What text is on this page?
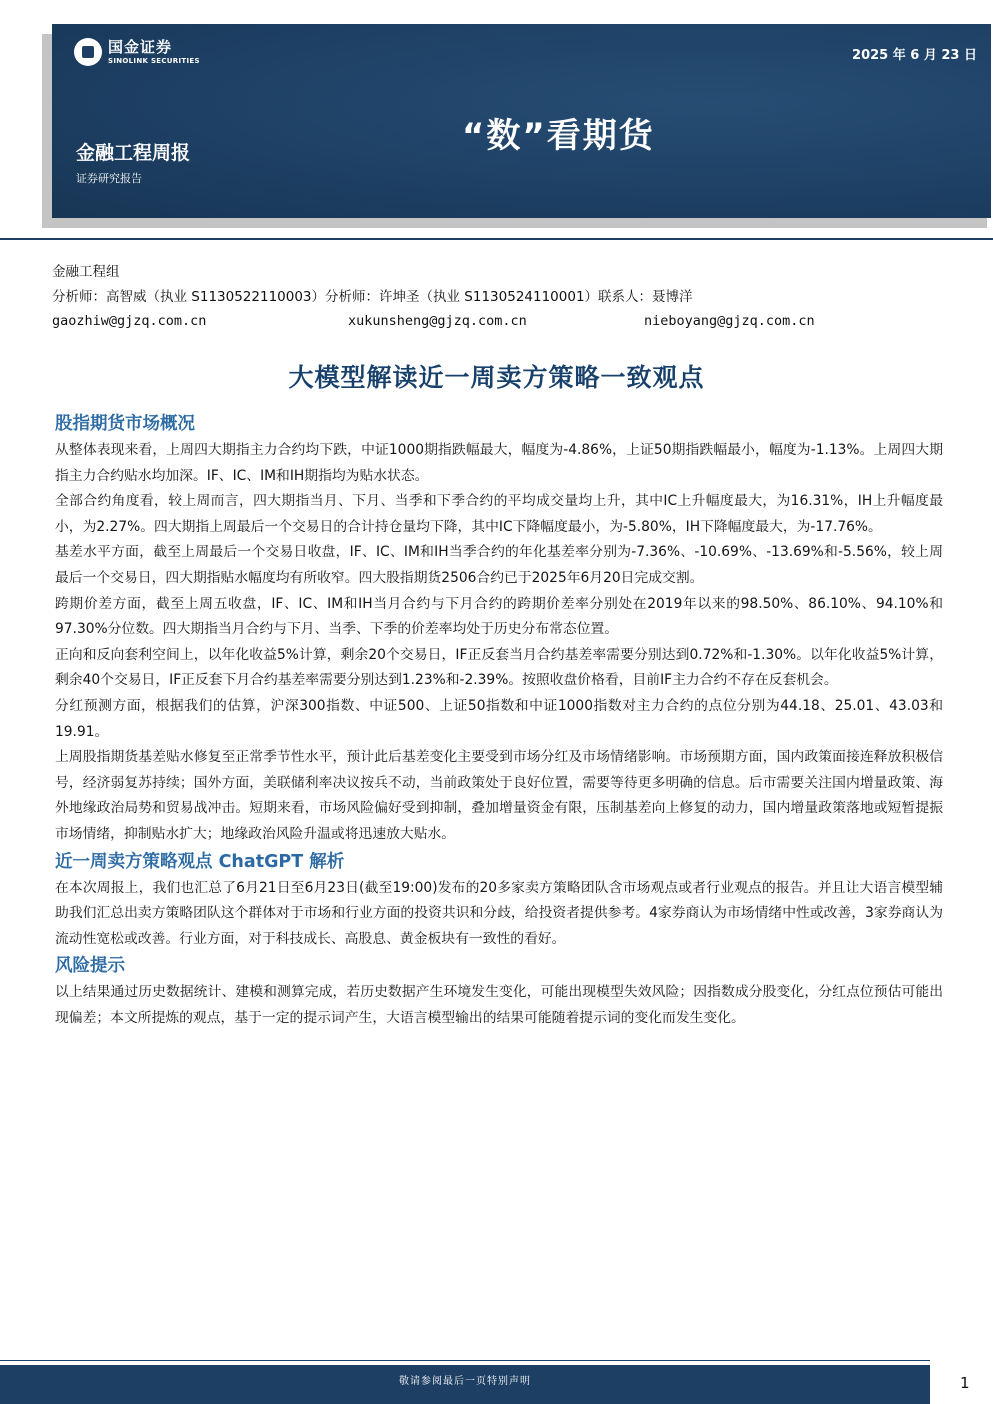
国金证券
SINOLINK SECURITIES	2025 年 6 月 23 日
“数”看期货
金融工程周报
证券研究报告
金融工程组
分析师：高智威（执业 S1130522110003）分析师：许坤圣（执业 S1130524110001）联系人：聂博洋
gaozhiw@gjzq.com.cn	xukunsheng@gjzq.com.cn	nieboyang@gjzq.com.cn
大模型解读近一周卖方策略一致观点
股指期货市场概况

从整体表现来看，上周四大期指主力合约均下跌，中证1000期指跌幅最大，幅度为-4.86%，上证50期指跌幅最小，幅度为-1.13%。上周四大期指主力合约贴水均加深。IF、IC、IM和IH期指均为贴水状态。

全部合约角度看，较上周而言，四大期指当月、下月、当季和下季合约的平均成交量均上升，其中IC上升幅度最大，为16.31%，IH上升幅度最小，为2.27%。四大期指上周最后一个交易日的合计持仓量均下降，其中IC下降幅度最小，为-5.80%，IH下降幅度最大，为-17.76%。

基差水平方面，截至上周最后一个交易日收盘，IF、IC、IM和IH当季合约的年化基差率分别为-7.36%、-10.69%、-13.69%和-5.56%，较上周最后一个交易日，四大期指贴水幅度均有所收窄。四大股指期货2506合约已于2025年6月20日完成交割。

跨期价差方面，截至上周五收盘，IF、IC、IM和IH当月合约与下月合约的跨期价差率分别处在2019年以来的98.50%、86.10%、94.10%和97.30%分位数。四大期指当月合约与下月、当季、下季的价差率均处于历史分布常态位置。

正向和反向套利空间上，以年化收益5%计算，剩余20个交易日，IF正反套当月合约基差率需要分别达到0.72%和-1.30%。以年化收益5%计算，剩余40个交易日，IF正反套下月合约基差率需要分别达到1.23%和-2.39%。按照收盘价格看，目前IF主力合约不存在反套机会。

分红预测方面，根据我们的估算，沪深300指数、中证500、上证50指数和中证1000指数对主力合约的点位分别为44.18、25.01、43.03和19.91。

上周股指期货基差贴水修复至正常季节性水平，预计此后基差变化主要受到市场分红及市场情绪影响。市场预期方面，国内政策面接连释放积极信号，经济弱复苏持续；国外方面，美联储利率决议按兵不动，当前政策处于良好位置，需要等待更多明确的信息。后市需要关注国内增量政策、海外地缘政治局势和贸易战冲击。短期来看，市场风险偏好受到抑制，叠加增量资金有限，压制基差向上修复的动力，国内增量政策落地或短暂提振市场情绪，抑制贴水扩大；地缘政治风险升温或将迅速放大贴水。

近一周卖方策略观点 ChatGPT 解析

在本次周报上，我们也汇总了6月21日至6月23日(截至19:00)发布的20多家卖方策略团队含市场观点或者行业观点的报告。并且让大语言模型辅助我们汇总出卖方策略团队这个群体对于市场和行业方面的投资共识和分歧，给投资者提供参考。4家券商认为市场情绪中性或改善，3家券商认为流动性宽松或改善。行业方面，对于科技成长、高股息、黄金板块有一致性的看好。

风险提示

以上结果通过历史数据统计、建模和测算完成，若历史数据产生环境发生变化，可能出现模型失效风险；因指数成分股变化，分红点位预估可能出现偏差；本文所提炼的观点，基于一定的提示词产生，大语言模型输出的结果可能随着提示词的变化而发生变化。

敬请参阅最后一页特别声明	1
